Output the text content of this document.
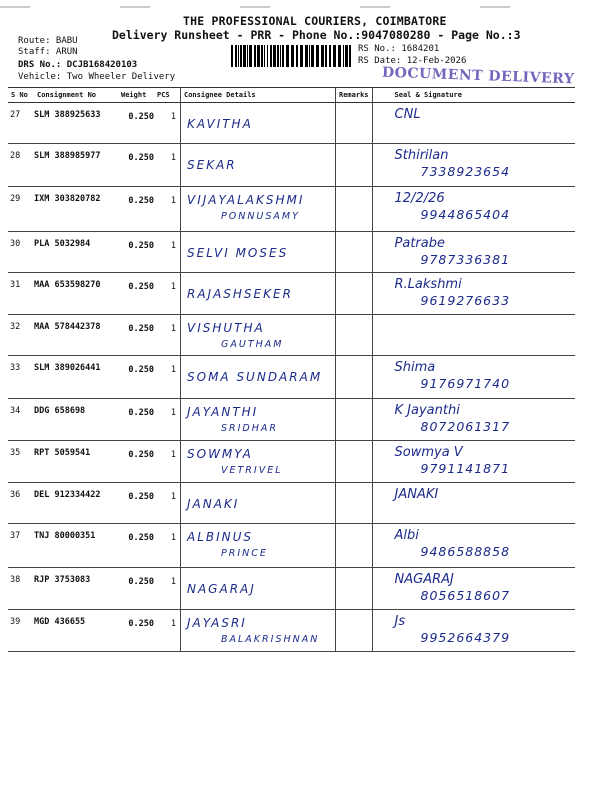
THE PROFESSIONAL COURIERS, COIMBATORE
Delivery Runsheet - PRR - Phone No.:9047080280 - Page No.:3
Route: BABU
Staff: ARUN
DRS No.: DCJB168420103
Vehicle: Two Wheeler Delivery
RS No.: 1684201
RS Date: 12-Feb-2026
DOCUMENT DELIVERY
S No	Consignment No	Weight	PCS	Consignee Details	Remarks	Seal & Signature
27	SLM 388925633	0.250	1	KAVITHA		CNL

28	SLM 388985977	0.250	1	SEKAR		Sthirilan
7338923654

29	IXM 303820782	0.250	1	VIJAYALAKSHMI
PONNUSAMY		12/2/26
9944865404

30	PLA 5032984	0.250	1	SELVI MOSES		Patrabe
9787336381

31	MAA 653598270	0.250	1	RAJASHSEKER		R.Lakshmi
9619276633

32	MAA 578442378	0.250	1	VISHUTHA
GAUTHAM		

33	SLM 389026441	0.250	1	SOMA SUNDARAM		Shima
9176971740

34	DDG 658698	0.250	1	JAYANTHI
SRIDHAR		K Jayanthi
8072061317

35	RPT 5059541	0.250	1	SOWMYA
VETRIVEL		Sowmya V
9791141871

36	DEL 912334422	0.250	1	JANAKI		JANAKI

37	TNJ 80000351	0.250	1	ALBINUS
PRINCE		Albi
9486588858

38	RJP 3753083	0.250	1	NAGARAJ		NAGARAJ
8056518607

39	MGD 436655	0.250	1	JAYASRI
BALAKRISHNAN		Js
9952664379
